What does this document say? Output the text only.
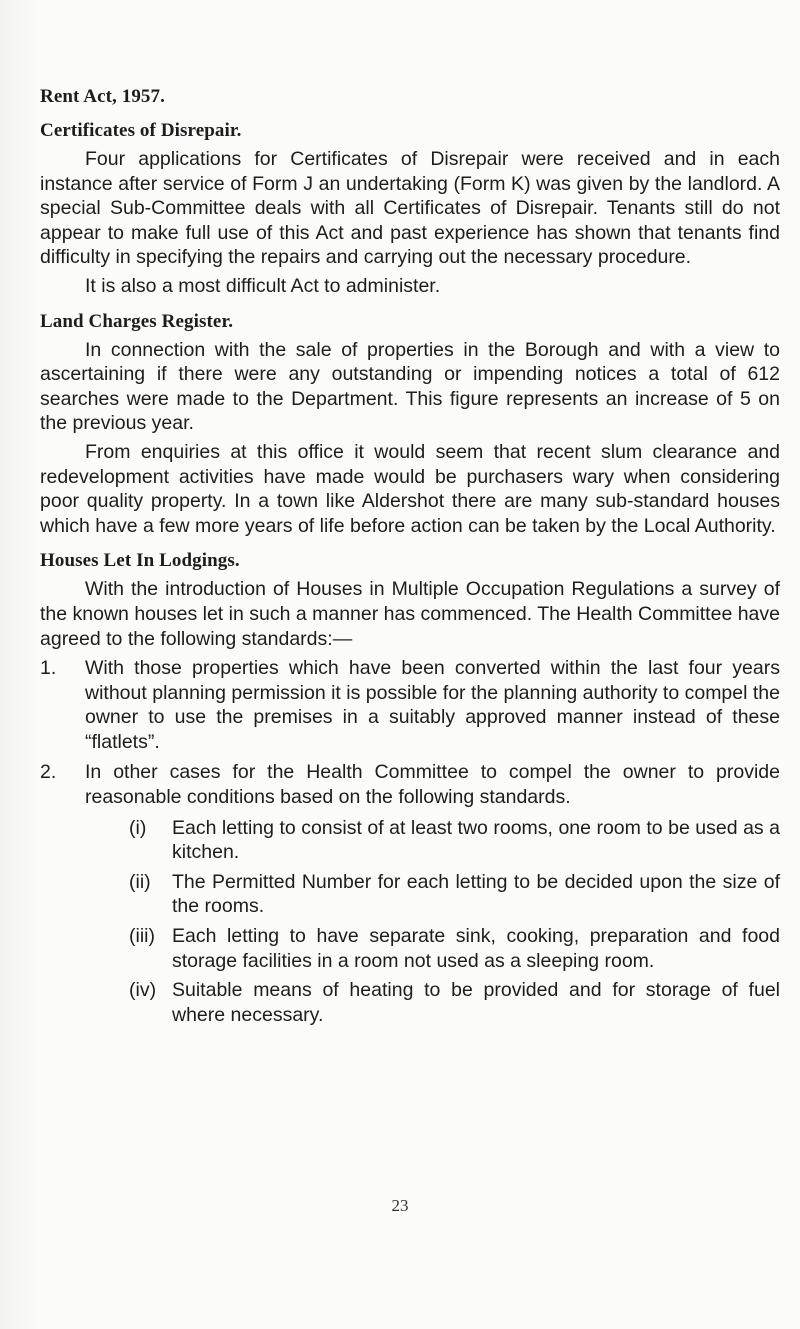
Rent Act, 1957.
Certificates of Disrepair.

Four applications for Certificates of Disrepair were received and in each instance after service of Form J an undertaking (Form K) was given by the landlord. A special Sub-Committee deals with all Certificates of Disrepair. Tenants still do not appear to make full use of this Act and past experience has shown that tenants find difficulty in specifying the repairs and carrying out the necessary procedure.

It is also a most difficult Act to administer.

Land Charges Register.

In connection with the sale of properties in the Borough and with a view to ascertaining if there were any outstanding or impending notices a total of 612 searches were made to the Department. This figure represents an increase of 5 on the previous year.

From enquiries at this office it would seem that recent slum clearance and redevelopment activities have made would be purchasers wary when considering poor quality property. In a town like Aldershot there are many sub-standard houses which have a few more years of life before action can be taken by the Local Authority.

Houses Let In Lodgings.

With the introduction of Houses in Multiple Occupation Regulations a survey of the known houses let in such a manner has commenced. The Health Committee have agreed to the following standards:—

1. With those properties which have been converted within the last four years without planning permission it is possible for the planning authority to compel the owner to use the premises in a suitably approved manner instead of these “flatlets”.
2. In other cases for the Health Committee to compel the owner to provide reasonable conditions based on the following standards.
(i) Each letting to consist of at least two rooms, one room to be used as a kitchen.
(ii) The Permitted Number for each letting to be decided upon the size of the rooms.
(iii) Each letting to have separate sink, cooking, preparation and food storage facilities in a room not used as a sleeping room.
(iv) Suitable means of heating to be provided and for storage of fuel where necessary.
23
